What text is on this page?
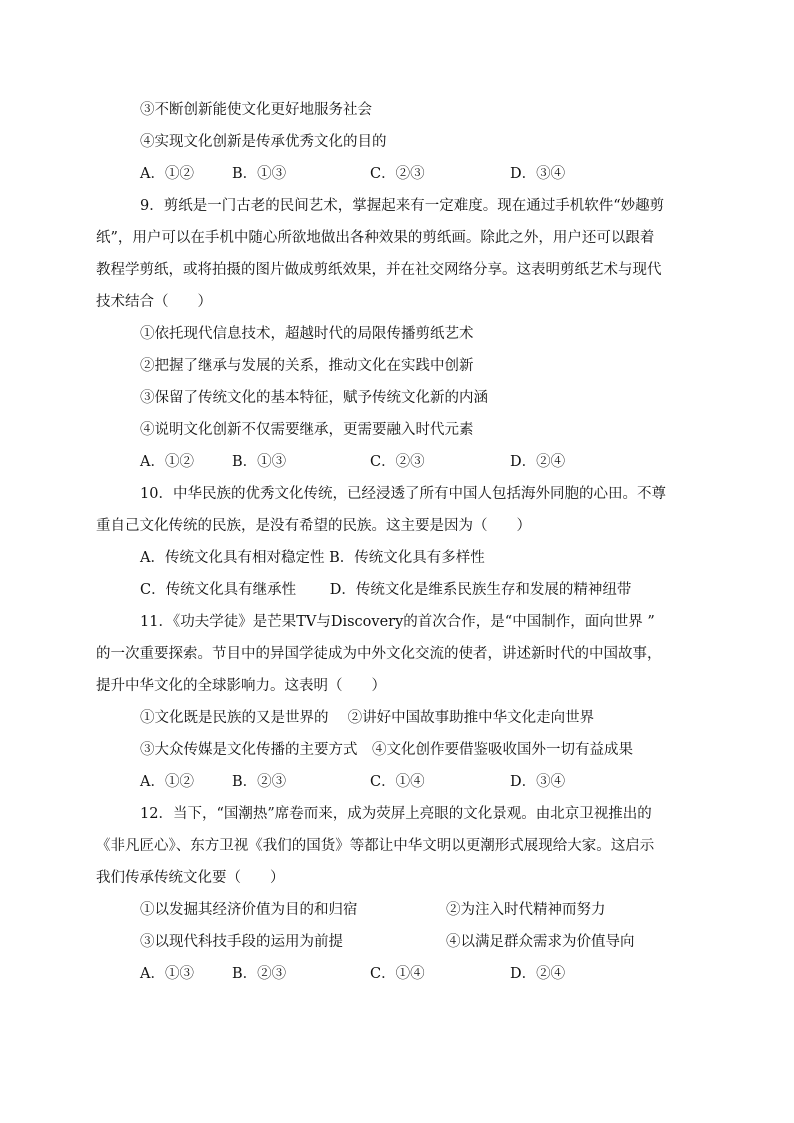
③不断创新能使文化更好地服务社会
④实现文化创新是传承优秀文化的目的
A．①②	B．①③	C．②③	D．③④
9．剪纸是一门古老的民间艺术，掌握起来有一定难度。现在通过手机软件“妙趣剪
纸”，用户可以在手机中随心所欲地做出各种效果的剪纸画。除此之外，用户还可以跟着
教程学剪纸，或将拍摄的图片做成剪纸效果，并在社交网络分享。这表明剪纸艺术与现代
技术结合（　　）
①依托现代信息技术，超越时代的局限传播剪纸艺术
②把握了继承与发展的关系，推动文化在实践中创新
③保留了传统文化的基本特征，赋予传统文化新的内涵
④说明文化创新不仅需要继承，更需要融入时代元素
A．①②	B．①③	C．②③	D．②④
10．中华民族的优秀文化传统，已经浸透了所有中国人包括海外同胞的心田。不尊
重自己文化传统的民族，是没有希望的民族。这主要是因为（　　）
A．传统文化具有相对稳定性 B．传统文化具有多样性
C．传统文化具有继承性　　 D．传统文化是维系民族生存和发展的精神纽带
11．《功夫学徒》是芒果TV与Discovery的首次合作，是“中国制作，面向世界 ”
的一次重要探索。节目中的异国学徒成为中外文化交流的使者，讲述新时代的中国故事，
提升中华文化的全球影响力。这表明（　　）
①文化既是民族的又是世界的　 ②讲好中国故事助推中华文化走向世界
③大众传媒是文化传播的主要方式　④文化创作要借鉴吸收国外一切有益成果
A．①②	B．②③	C．①④	D．③④
12．当下，“国潮热”席卷而来，成为荧屏上亮眼的文化景观。由北京卫视推出的
《非凡匠心》、东方卫视《我们的国货》等都让中华文明以更潮形式展现给大家。这启示
我们传承传统文化要（　　）
①以发掘其经济价值为目的和归宿	②为注入时代精神而努力
③以现代科技手段的运用为前提	④以满足群众需求为价值导向
A．①③	B．②③	C．①④	D．②④
